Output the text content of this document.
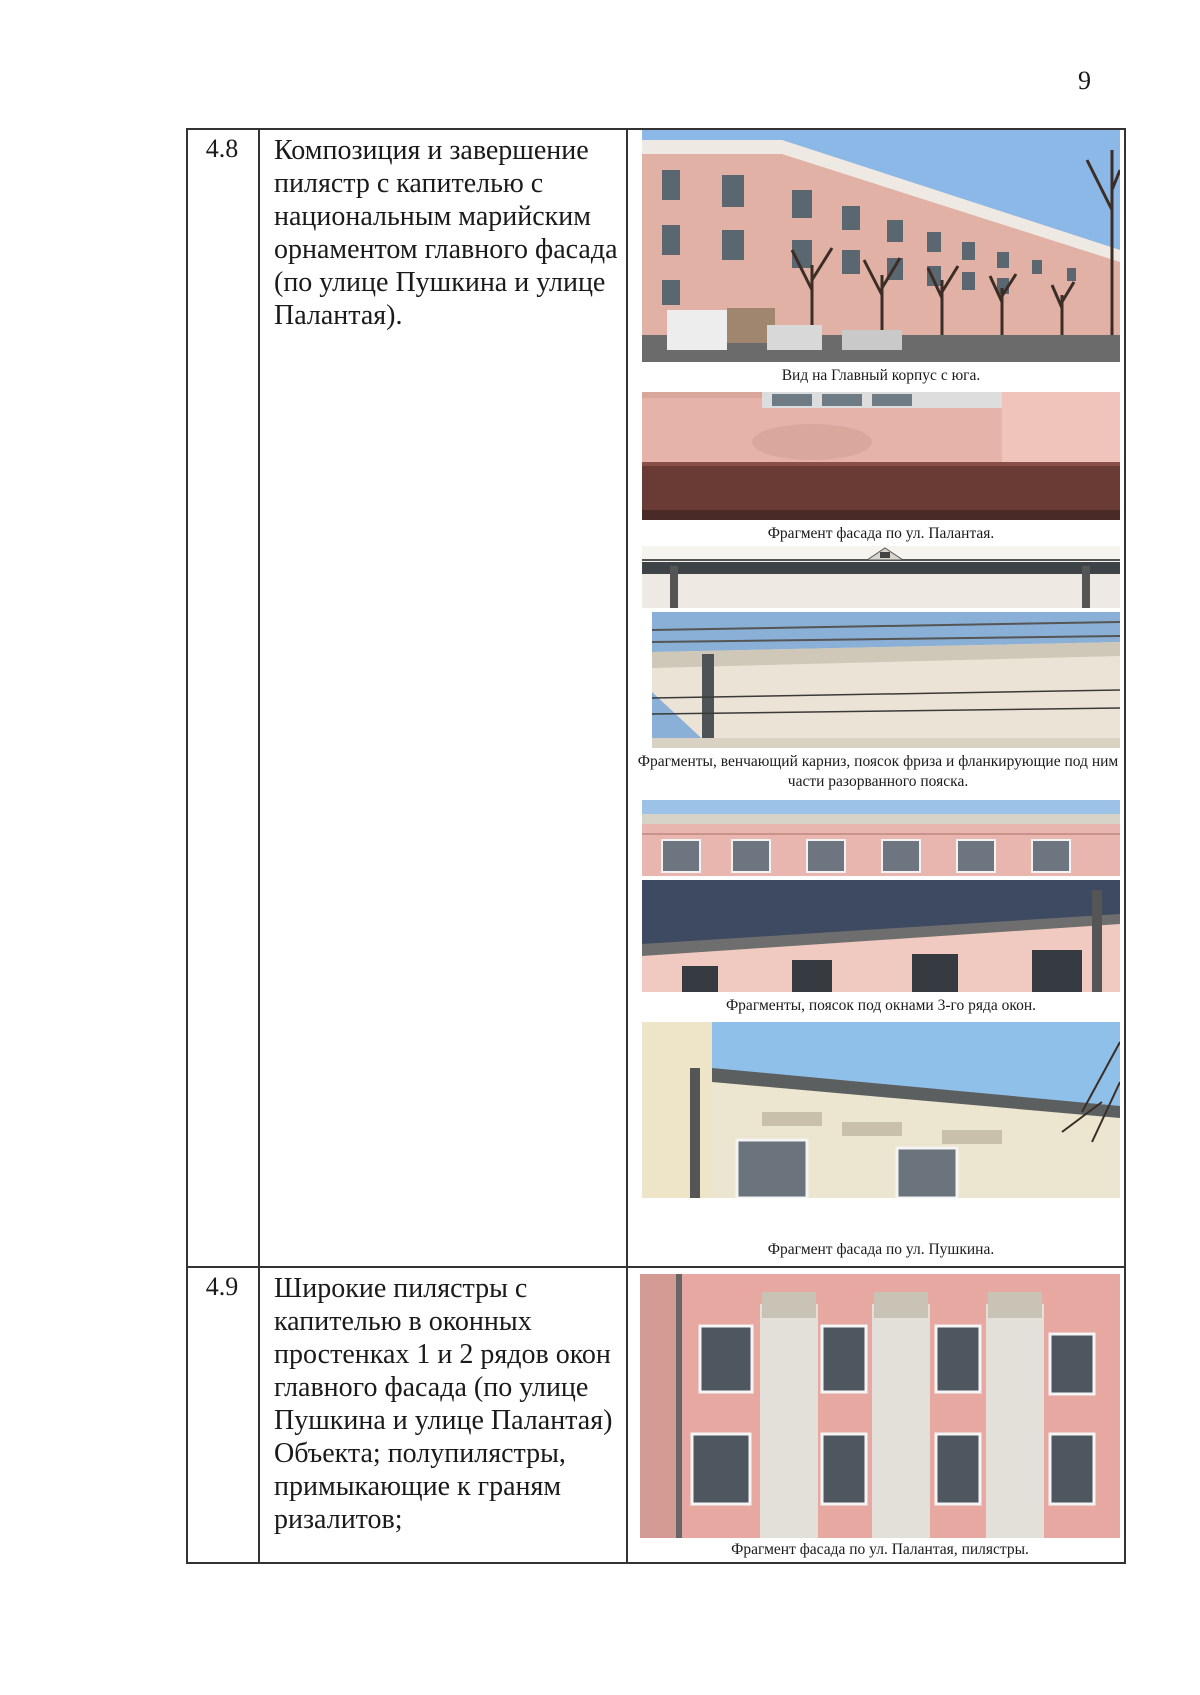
9
4.8	Композиция и завершение пилястр с капителью с национальным марийским орнаментом главного фасада (по улице Пушкина и улице Палантая).
Вид на Главный корпус с юга.
Фрагмент фасада по ул. Палантая.
Фрагменты, венчающий карниз, поясок фриза и фланкирующие под ним части разорванного пояска.
Фрагменты, поясок под окнами 3-го ряда окон.
Фрагмент фасада по ул. Пушкина.
4.9	Широкие пилястры с капителью в оконных простенках 1 и 2 рядов окон главного фасада (по улице Пушкина и улице Палантая) Объекта; полупилястры, примыкающие к граням ризалитов;
Фрагмент фасада по ул. Палантая, пилястры.
